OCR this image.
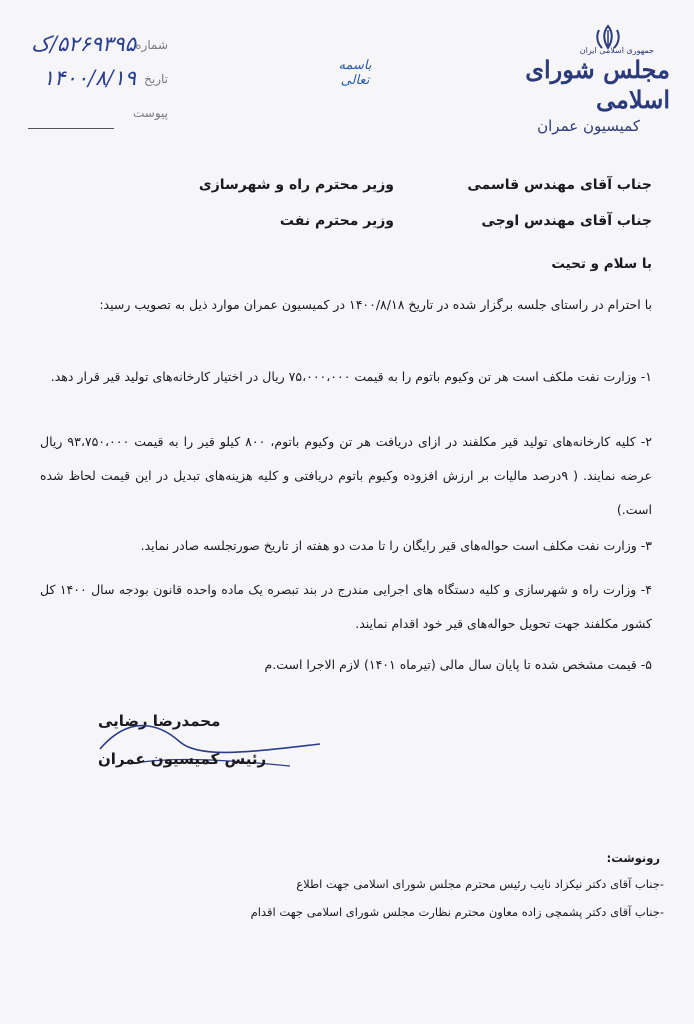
جمهوری اسلامی ایران
مجلس شورای اسلامی
کمیسیون عمران
باسمه تعالی
شماره
۵۲۶۹۳۹۵/ک
تاریخ
۱۴۰۰/۸/۱۹
پیوست
جناب آقای مهندس قاسمی
وزیر محترم راه و شهرسازی
جناب آقای مهندس اوجی
وزیر محترم نفت
با سلام و تحیت
با احترام در راستای جلسه برگزار شده در تاریخ ۱۴۰۰/۸/۱۸ در کمیسیون عمران موارد ذیل به تصویب رسید:
۱- وزارت نفت ملکف است هر تن وکیوم باتوم را به قیمت ۷۵،۰۰۰،۰۰۰ ریال در اختیار کارخانه‌های تولید قیر قرار دهد.
۲- کلیه کارخانه‌های تولید قیر مکلفند در ازای دریافت هر تن وکیوم باتوم، ۸۰۰ کیلو قیر را به قیمت ۹۳،۷۵۰،۰۰۰ ریال عرضه نمایند. ( ۹درصد مالیات بر ارزش افزوده وکیوم باتوم دریافتی و کلیه هزینه‌های تبدیل در این قیمت لحاظ شده است.)
۳- وزارت نفت مکلف است حواله‌های قیر رایگان را تا مدت دو هفته از تاریخ صورتجلسه صادر نماید.
۴- وزارت راه و شهرسازی و کلیه دستگاه های اجرایی مندرج در بند تبصره یک ماده واحده قانون بودجه سال ۱۴۰۰ کل کشور مکلفند جهت تحویل حواله‌های قیر خود اقدام نمایند.
۵- قیمت مشخص شده تا پایان سال مالی (تیرماه ۱۴۰۱) لازم الاجرا است.م
محمدرضا رضایی
رئیس کمیسیون عمران
رونوشت:
-جناب آقای دکتر نیکزاد نایب رئیس محترم مجلس شورای اسلامی جهت اطلاع
-جناب آقای دکتر پشمچی زاده معاون محترم نظارت مجلس شورای اسلامی جهت اقدام
